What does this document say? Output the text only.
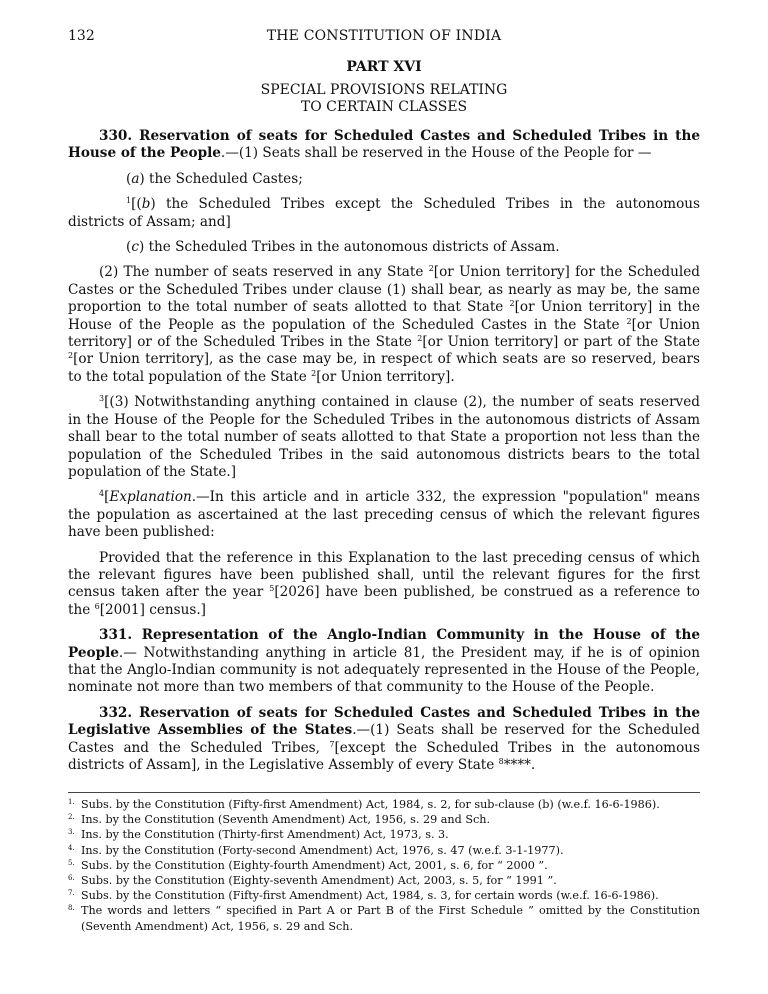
132	THE CONSTITUTION OF INDIA
PART XVI
SPECIAL PROVISIONS RELATING
TO CERTAIN CLASSES

330. Reservation of seats for Scheduled Castes and Scheduled Tribes in the House of the People.—(1) Seats shall be reserved in the House of the People for —

(a) the Scheduled Castes;

$^1$[(b) the Scheduled Tribes except the Scheduled Tribes in the autonomous districts of Assam; and]

(c) the Scheduled Tribes in the autonomous districts of Assam.

(2) The number of seats reserved in any State $^2$[or Union territory] for the Scheduled Castes or the Scheduled Tribes under clause (1) shall bear, as nearly as may be, the same proportion to the total number of seats allotted to that State $^2$[or Union territory] in the House of the People as the population of the Scheduled Castes in the State $^2$[or Union territory] or of the Scheduled Tribes in the State $^2$[or Union territory] or part of the State $^2$[or Union territory], as the case may be, in respect of which seats are so reserved, bears to the total population of the State $^2$[or Union territory].

$^3$[(3) Notwithstanding anything contained in clause (2), the number of seats reserved in the House of the People for the Scheduled Tribes in the autonomous districts of Assam shall bear to the total number of seats allotted to that State a proportion not less than the population of the Scheduled Tribes in the said autonomous districts bears to the total population of the State.]

$^4$[Explanation.—In this article and in article 332, the expression "population" means the population as ascertained at the last preceding census of which the relevant figures have been published:

Provided that the reference in this Explanation to the last preceding census of which the relevant figures have been published shall, until the relevant figures for the first census taken after the year $^5$[2026] have been published, be construed as a reference to the $^6$[2001] census.]

331. Representation of the Anglo-Indian Community in the House of the People.— Notwithstanding anything in article 81, the President may, if he is of opinion that the Anglo-Indian community is not adequately represented in the House of the People, nominate not more than two members of that community to the House of the People.

332. Reservation of seats for Scheduled Castes and Scheduled Tribes in the Legislative Assemblies of the States.—(1) Seats shall be reserved for the Scheduled Castes and the Scheduled Tribes, $^7$[except the Scheduled Tribes in the autonomous districts of Assam], in the Legislative Assembly of every State $^8$****.

1. Subs. by the Constitution (Fifty-first Amendment) Act, 1984, s. 2, for sub-clause (b) (w.e.f. 16-6-1986).
2. Ins. by the Constitution (Seventh Amendment) Act, 1956, s. 29 and Sch.
3. Ins. by the Constitution (Thirty-first Amendment) Act, 1973, s. 3.
4. Ins. by the Constitution (Forty-second Amendment) Act, 1976, s. 47 (w.e.f. 3-1-1977).
5. Subs. by the Constitution (Eighty-fourth Amendment) Act, 2001, s. 6, for “ 2000 ”.
6. Subs. by the Constitution (Eighty-seventh Amendment) Act, 2003, s. 5, for “ 1991 ”.
7. Subs. by the Constitution (Fifty-first Amendment) Act, 1984, s. 3, for certain words (w.e.f. 16-6-1986).
8. The words and letters “ specified in Part A or Part B of the First Schedule ” omitted by the Constitution (Seventh Amendment) Act, 1956, s. 29 and Sch.
